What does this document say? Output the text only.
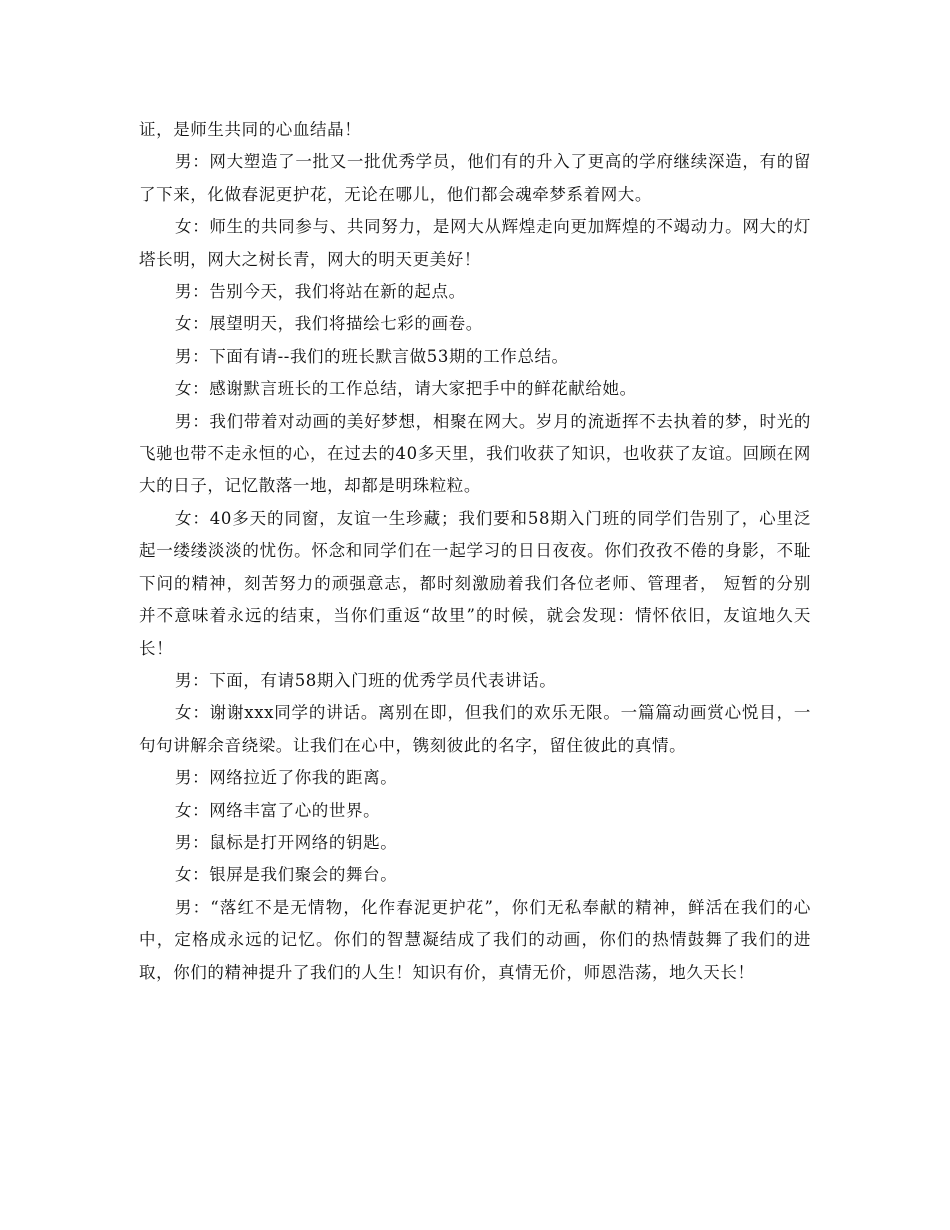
证，是师生共同的心血结晶！

男：网大塑造了一批又一批优秀学员，他们有的升入了更高的学府继续深造，有的留了下来，化做春泥更护花，无论在哪儿，他们都会魂牵梦系着网大。

女：师生的共同参与、共同努力，是网大从辉煌走向更加辉煌的不竭动力。网大的灯塔长明，网大之树长青，网大的明天更美好！

男：告别今天，我们将站在新的起点。

女：展望明天，我们将描绘七彩的画卷。

男：下面有请--我们的班长默言做53期的工作总结。

女：感谢默言班长的工作总结，请大家把手中的鲜花献给她。

男：我们带着对动画的美好梦想，相聚在网大。岁月的流逝挥不去执着的梦，时光的飞驰也带不走永恒的心，在过去的40多天里，我们收获了知识，也收获了友谊。回顾在网大的日子，记忆散落一地，却都是明珠粒粒。

女：40多天的同窗，友谊一生珍藏；我们要和58期入门班的同学们告别了，心里泛起一缕缕淡淡的忧伤。怀念和同学们在一起学习的日日夜夜。你们孜孜不倦的身影，不耻下问的精神，刻苦努力的顽强意志，都时刻激励着我们各位老师、管理者， 短暂的分别并不意味着永远的结束，当你们重返“故里”的时候，就会发现：情怀依旧，友谊地久天长！

男：下面，有请58期入门班的优秀学员代表讲话。

女：谢谢xxx同学的讲话。离别在即，但我们的欢乐无限。一篇篇动画赏心悦目，一句句讲解余音绕梁。让我们在心中，镌刻彼此的名字，留住彼此的真情。

男：网络拉近了你我的距离。

女：网络丰富了心的世界。

男：鼠标是打开网络的钥匙。

女：银屏是我们聚会的舞台。

男：“落红不是无情物，化作春泥更护花”，你们无私奉献的精神，鲜活在我们的心中，定格成永远的记忆。你们的智慧凝结成了我们的动画，你们的热情鼓舞了我们的进取，你们的精神提升了我们的人生！知识有价，真情无价，师恩浩荡，地久天长！
